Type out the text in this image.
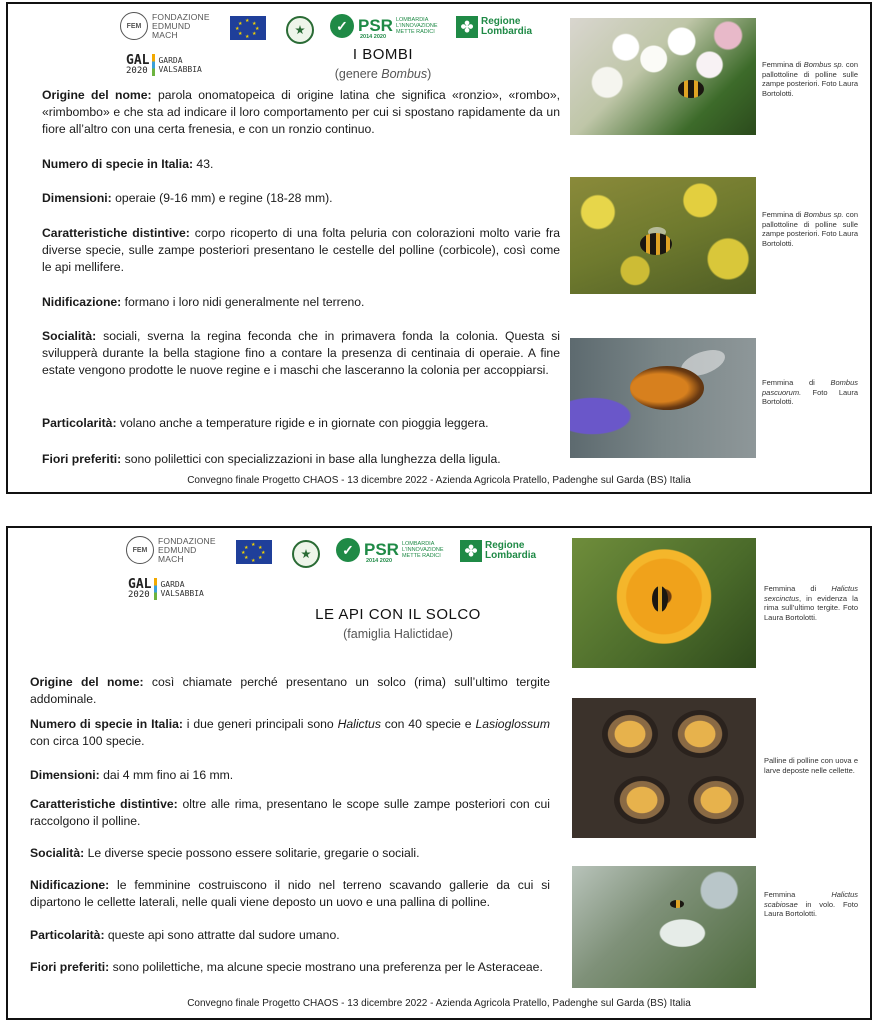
FEM
FONDAZIONE
EDMUND
MACH
★ ★
★
★
★
★
★
★	✓ PSR LOMBARDIA
L'INNOVAZIONE
METTE RADICI
2014 2020
✤ Regione
Lombardia
GAL
2020
GARDA
VALSABBIA
I BOMBI
(genere Bombus)

Origine del nome: parola onomatopeica di origine latina che significa «ronzio», «rombo», «rimbombo» e che sta ad indicare il loro comportamento per cui si spostano rapidamente da un fiore all’altro con una certa frenesia, e con un ronzio continuo.

Numero di specie in Italia: 43.

Dimensioni: operaie (9-16 mm) e regine (18-28 mm).

Caratteristiche distintive: corpo ricoperto di una folta peluria con colorazioni molto varie fra diverse specie, sulle zampe posteriori presentano le cestelle del polline (corbicole), così come le api mellifere.

Nidificazione: formano i loro nidi generalmente nel terreno.

Socialità: sociali, sverna la regina feconda che in primavera fonda la colonia. Questa si svilupperà durante la bella stagione fino a contare la presenza di centinaia di operaie. A fine estate vengono prodotte le nuove regine e i maschi che lasceranno la colonia per accoppiarsi.

Particolarità: volano anche a temperature rigide e in giornate con pioggia leggera.

Fiori preferiti: sono polilettici con specializzazioni in base alla lunghezza della ligula.

Femmina di Bombus sp. con pallottoline di polline sulle zampe posteriori. Foto Laura Bortolotti.
Femmina di Bombus sp. con pallottoline di polline sulle zampe posteriori. Foto Laura Bortolotti.
Femmina di Bombus pascuorum. Foto Laura Bortolotti.
Convegno finale Progetto CHAOS - 13 dicembre 2022 - Azienda Agricola Pratello, Padenghe sul Garda (BS) Italia
FEM
FONDAZIONE
EDMUND
MACH
★ ★
★
★
★
★
★
★	✓ PSR LOMBARDIA
L'INNOVAZIONE
METTE RADICI
2014 2020
✤ Regione
Lombardia
GAL
2020
GARDA
VALSABBIA
LE API CON IL SOLCO
(famiglia Halictidae)

Origine del nome: così chiamate perché presentano un solco (rima) sull’ultimo tergite addominale.

Numero di specie in Italia: i due generi principali sono Halictus con 40 specie e Lasioglossum con circa 100 specie.

Dimensioni: dai 4 mm fino ai 16 mm.

Caratteristiche distintive: oltre alle rima, presentano le scope sulle zampe posteriori con cui raccolgono il polline.

Socialità: Le diverse specie possono essere solitarie, gregarie o sociali.

Nidificazione: le femminine costruiscono il nido nel terreno scavando gallerie da cui si dipartono le cellette laterali, nelle quali viene deposto un uovo e una pallina di polline.

Particolarità: queste api sono attratte dal sudore umano.

Fiori preferiti: sono polilettiche, ma alcune specie mostrano una preferenza per le Asteraceae.

Femmina di Halictus sexcinctus, in evidenza la rima sull’ultimo tergite. Foto Laura Bortolotti.
Palline di polline con uova e larve deposte nelle cellette.
Femmina Halictus scabiosae in volo. Foto Laura Bortolotti.
Convegno finale Progetto CHAOS - 13 dicembre 2022 - Azienda Agricola Pratello, Padenghe sul Garda (BS) Italia
